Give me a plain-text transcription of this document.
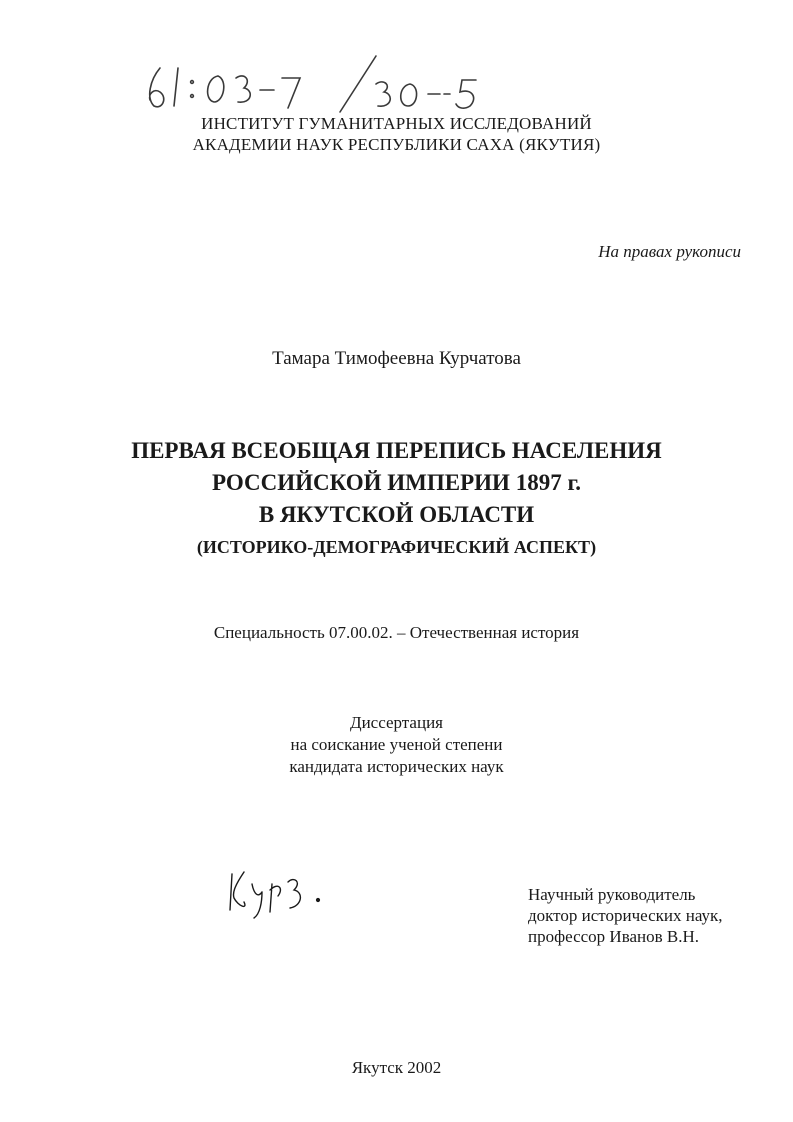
ИНСТИТУТ ГУМАНИТАРНЫХ ИССЛЕДОВАНИЙ
АКАДЕМИИ НАУК РЕСПУБЛИКИ САХА (ЯКУТИЯ)
На правах рукописи
Тамара Тимофеевна Курчатова
ПЕРВАЯ ВСЕОБЩАЯ ПЕРЕПИСЬ НАСЕЛЕНИЯ
РОССИЙСКОЙ ИМПЕРИИ 1897 г.
В ЯКУТСКОЙ ОБЛАСТИ
(ИСТОРИКО-ДЕМОГРАФИЧЕСКИЙ АСПЕКТ)
Специальность 07.00.02. – Отечественная история
Диссертация
на соискание ученой степени
кандидата исторических наук
Научный руководитель
доктор исторических наук,
профессор Иванов В.Н.
Якутск 2002
